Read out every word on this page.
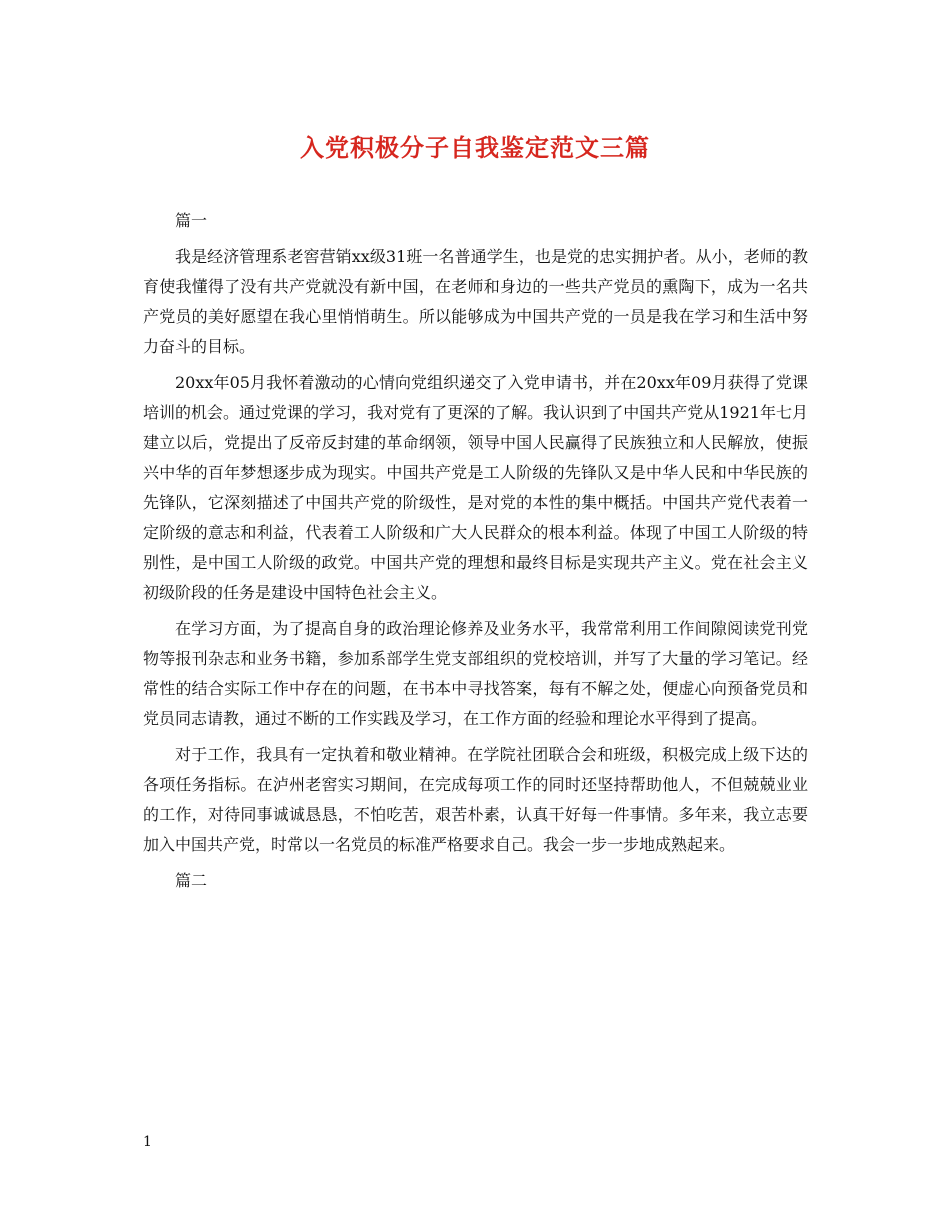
入党积极分子自我鉴定范文三篇

篇一

我是经济管理系老窖营销xx级31班一名普通学生，也是党的忠实拥护者。从小，老师的教育使我懂得了没有共产党就没有新中国，在老师和身边的一些共产党员的熏陶下，成为一名共产党员的美好愿望在我心里悄悄萌生。所以能够成为中国共产党的一员是我在学习和生活中努力奋斗的目标。

20xx年05月我怀着激动的心情向党组织递交了入党申请书，并在20xx年09月获得了党课培训的机会。通过党课的学习，我对党有了更深的了解。我认识到了中国共产党从1921年七月建立以后，党提出了反帝反封建的革命纲领，领导中国人民赢得了民族独立和人民解放，使振兴中华的百年梦想逐步成为现实。中国共产党是工人阶级的先锋队又是中华人民和中华民族的先锋队，它深刻描述了中国共产党的阶级性，是对党的本性的集中概括。中国共产党代表着一定阶级的意志和利益，代表着工人阶级和广大人民群众的根本利益。体现了中国工人阶级的特别性，是中国工人阶级的政党。中国共产党的理想和最终目标是实现共产主义。党在社会主义初级阶段的任务是建设中国特色社会主义。

在学习方面，为了提高自身的政治理论修养及业务水平，我常常利用工作间隙阅读党刊党物等报刊杂志和业务书籍，参加系部学生党支部组织的党校培训，并写了大量的学习笔记。经常性的结合实际工作中存在的问题，在书本中寻找答案，每有不解之处，便虚心向预备党员和党员同志请教，通过不断的工作实践及学习，在工作方面的经验和理论水平得到了提高。

对于工作，我具有一定执着和敬业精神。在学院社团联合会和班级，积极完成上级下达的各项任务指标。在泸州老窖实习期间，在完成每项工作的同时还坚持帮助他人，不但兢兢业业的工作，对待同事诚诚恳恳，不怕吃苦，艰苦朴素，认真干好每一件事情。多年来，我立志要加入中国共产党，时常以一名党员的标准严格要求自己。我会一步一步地成熟起来。

篇二

1
